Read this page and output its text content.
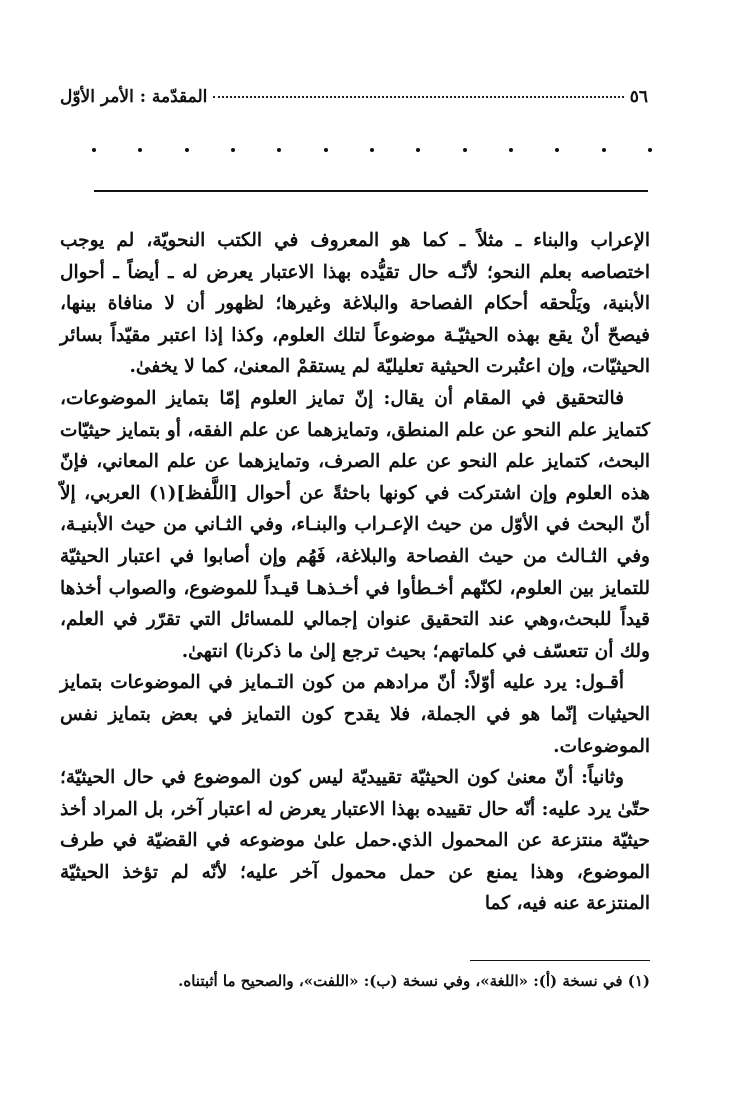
٥٦
المقدّمة : الأمر الأوّل

الإعراب والبناء ـ مثلاً ـ كما هو المعروف في الكتب النحويّة، لم يوجب اختصاصه بعلم النحو؛ لأنّـه حال تقيُّده بهذا الاعتبار يعرض له ـ أيضاً ـ أحوال الأبنية، ويَلْحقه أحكام الفصاحة والبلاغة وغيرها؛ لظهور أن لا منافاة بينها، فيصحّ أنْ يقع بهذه الحيثيّـة موضوعاً لتلك العلوم، وكذا إذا اعتبر مقيّداً بسائر الحيثيّات، وإن اعتُبرت الحيثية تعليليّة لم يستقمْ المعنىٰ، كما لا يخفىٰ.

فالتحقيق في المقام أن يقال: إنّ تمايز العلوم إمّا بتمايز الموضوعات، كتمايز علم النحو عن علم المنطق، وتمايزهما عن علم الفقه، أو بتمايز حيثيّات البحث، كتمايز علم النحو عن علم الصرف، وتمايزهما عن علم المعاني، فإنّ هذه العلوم وإن اشتركت في كونها باحثةً عن أحوال [اللَّفظ](١) العربي، إلاّ أنّ البحث في الأوّل من حيث الإعـراب والبنـاء، وفي الثـاني من حيث الأبنيـة، وفي الثـالث من حيث الفصاحة والبلاغة، فَهُم وإن أصابوا في اعتبار الحيثيّة للتمايز بين العلوم، لكنّهم أخـطأوا في أخـذهـا قيـداً للموضوع، والصواب أخذها قيداً للبحث،وهي عند التحقيق عنوان إجمالي للمسائل التي تقرّر في العلم، ولك أن تتعسّف في كلماتهم؛ بحيث ترجع إلىٰ ما ذكرنا) انتهىٰ.

أقـول: يرد عليه أوّلاً: أنّ مرادهم من كون التـمايز في الموضوعات بتمايز الحيثيات إنّما هو في الجملة، فلا يقدح كون التمايز في بعض بتمايز نفس الموضوعات.

وثانياً: أنّ معنىٰ كون الحيثيّة تقييديّة ليس كون الموضوع في حال الحيثيّة؛ حتّىٰ يرد عليه: أنّه حال تقييده بهذا الاعتبار يعرض له اعتبار آخر، بل المراد أخذ حيثيّة منتزعة عن المحمول الذي.حمل علىٰ موضوعه في القضيّة في طرف الموضوع، وهذا يمنع عن حمل محمول آخر عليه؛ لأنّه لم تؤخذ الحيثيّة المنتزعة عنه فيه، كما

(١) في نسخة (أ): «اللغة»، وفي نسخة (ب): «اللفت»، والصحيح ما أثبتناه.
